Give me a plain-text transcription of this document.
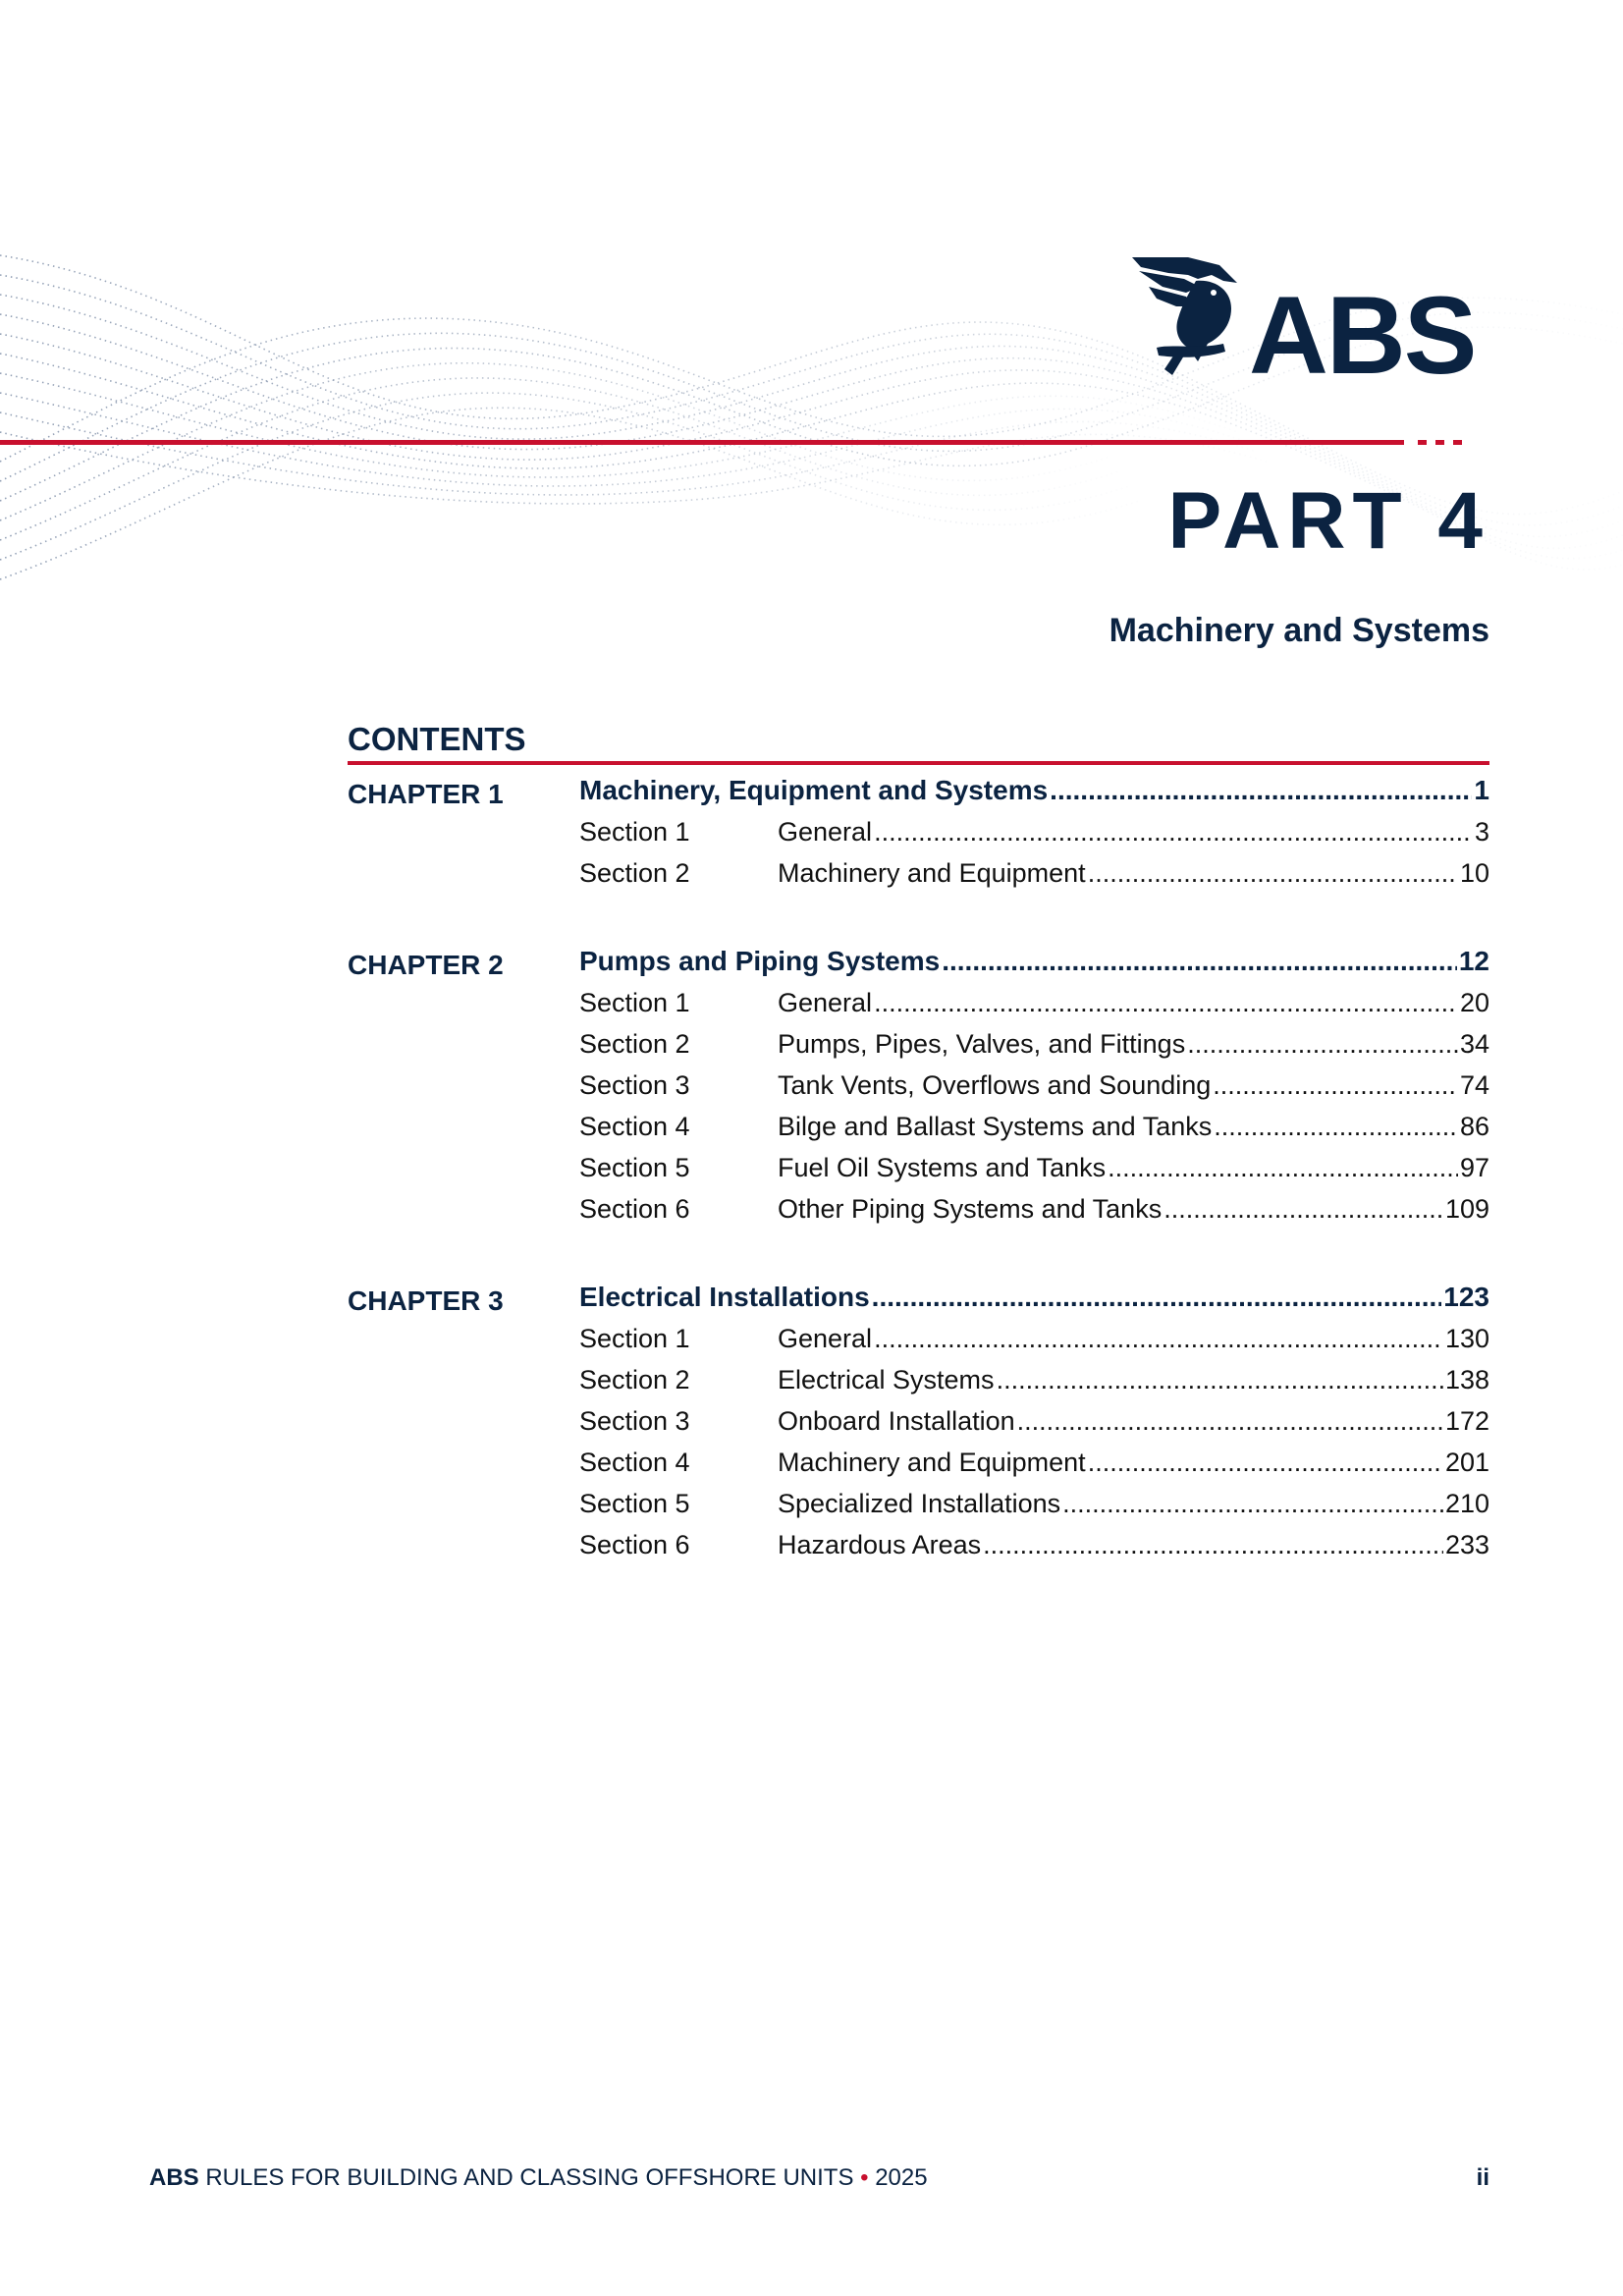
ABS
PART 4
Machinery and Systems
CONTENTS
CHAPTER 1	Machinery, Equipment and Systems .....	1
Section 1	General .....	3
Section 2	Machinery and Equipment .....	10
CHAPTER 2	Pumps and Piping Systems .....	12
Section 1	General .....	20
Section 2	Pumps, Pipes, Valves, and Fittings .....	34
Section 3	Tank Vents, Overflows and Sounding .....	74
Section 4	Bilge and Ballast Systems and Tanks .....	86
Section 5	Fuel Oil Systems and Tanks .....	97
Section 6	Other Piping Systems and Tanks .....	109
CHAPTER 3	Electrical Installations .....	123
Section 1	General .....	130
Section 2	Electrical Systems .....	138
Section 3	Onboard Installation .....	172
Section 4	Machinery and Equipment .....	201
Section 5	Specialized Installations .....	210
Section 6	Hazardous Areas .....	233
ABS RULES FOR BUILDING AND CLASSING OFFSHORE UNITS • 2025	ii
